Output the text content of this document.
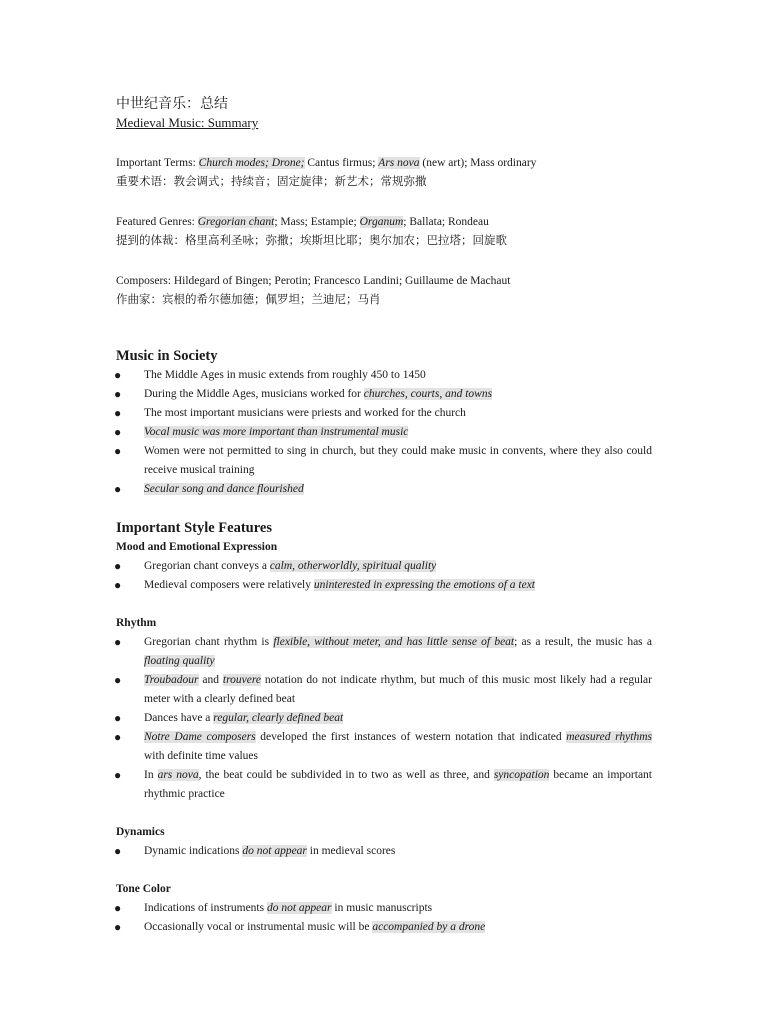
中世纪音乐：总结

Medieval Music: Summary

Important Terms: Church modes; Drone; Cantus firmus; Ars nova (new art); Mass ordinary

重要术语：教会调式；持续音；固定旋律；新艺术；常规弥撒

Featured Genres: Gregorian chant; Mass; Estampie; Organum; Ballata; Rondeau

提到的体裁：格里高利圣咏；弥撒；埃斯坦比耶；奥尔加农；巴拉塔；回旋歌

Composers: Hildegard of Bingen; Perotin; Francesco Landini; Guillaume de Machaut

作曲家：宾根的希尔德加德；佩罗坦；兰迪尼；马肖

Music in Society
● The Middle Ages in music extends from roughly 450 to 1450
● During the Middle Ages, musicians worked for churches, courts, and towns
● The most important musicians were priests and worked for the church
● Vocal music was more important than instrumental music
● Women were not permitted to sing in church, but they could make music in convents, where they also could receive musical training
● Secular song and dance flourished
Important Style Features
Mood and Emotional Expression
● Gregorian chant conveys a calm, otherworldly, spiritual quality
● Medieval composers were relatively uninterested in expressing the emotions of a text
Rhythm
● Gregorian chant rhythm is flexible, without meter, and has little sense of beat; as a result, the music has a floating quality
● Troubadour and trouvere notation do not indicate rhythm, but much of this music most likely had a regular meter with a clearly defined beat
● Dances have a regular, clearly defined beat
● Notre Dame composers developed the first instances of western notation that indicated measured rhythms with definite time values
● In ars nova, the beat could be subdivided in to two as well as three, and syncopation became an important rhythmic practice
Dynamics
● Dynamic indications do not appear in medieval scores
Tone Color
● Indications of instruments do not appear in music manuscripts
● Occasionally vocal or instrumental music will be accompanied by a drone
